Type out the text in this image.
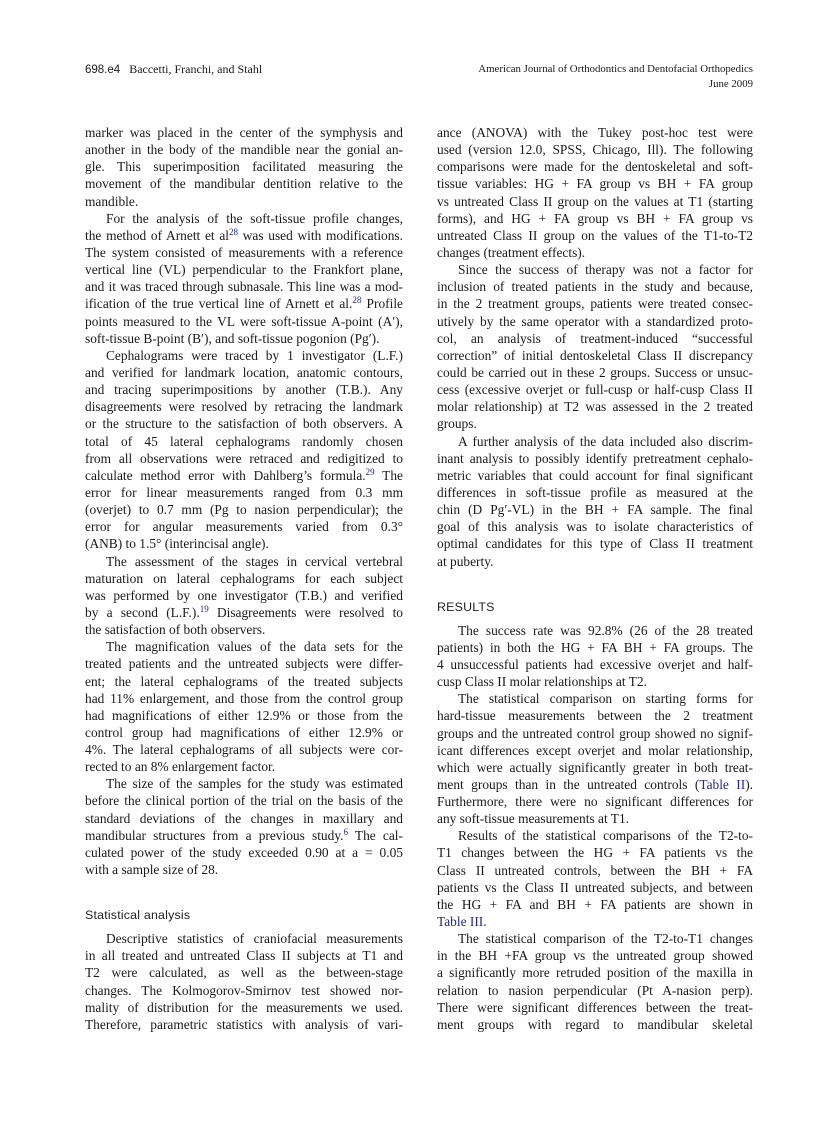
698.e4 Baccetti, Franchi, and Stahl	American Journal of Orthodontics and Dentofacial Orthopedics
June 2009
marker was placed in the center of the symphysis and
another in the body of the mandible near the gonial an-
gle. This superimposition facilitated measuring the
movement of the mandibular dentition relative to the
mandible.
For the analysis of the soft-tissue profile changes,
the method of Arnett et $al^{28}$ was used with modifications.
The system consisted of measurements with a reference
vertical line (VL) perpendicular to the Frankfort plane,
and it was traced through subnasale. This line was a mod-
ification of the true vertical line of Arnett et al.$^{28}$ Profile
points measured to the VL were soft-tissue A-point (A′),
soft-tissue B-point (B′), and soft-tissue pogonion (Pg′).
Cephalograms were traced by 1 investigator (L.F.)
and verified for landmark location, anatomic contours,
and tracing superimpositions by another (T.B.). Any
disagreements were resolved by retracing the landmark
or the structure to the satisfaction of both observers. A
total of 45 lateral cephalograms randomly chosen
from all observations were retraced and redigitized to
calculate method error with Dahlberg’s formula.$^{29}$ The
error for linear measurements ranged from 0.3 mm
(overjet) to 0.7 mm (Pg to nasion perpendicular); the
error for angular measurements varied from 0.3°
(ANB) to 1.5° (interincisal angle).
The assessment of the stages in cervical vertebral
maturation on lateral cephalograms for each subject
was performed by one investigator (T.B.) and verified
by a second (L.F.).$^{19}$ Disagreements were resolved to
the satisfaction of both observers.
The magnification values of the data sets for the
treated patients and the untreated subjects were differ-
ent; the lateral cephalograms of the treated subjects
had 11% enlargement, and those from the control group
had magnifications of either 12.9% or those from the
control group had magnifications of either 12.9% or
4%. The lateral cephalograms of all subjects were cor-
rected to an 8% enlargement factor.
The size of the samples for the study was estimated
before the clinical portion of the trial on the basis of the
standard deviations of the changes in maxillary and
mandibular structures from a previous study.$^6$ The cal-
culated power of the study exceeded 0.90 at a = 0.05
with a sample size of 28.
Statistical analysis
Descriptive statistics of craniofacial measurements
in all treated and untreated Class II subjects at T1 and
T2 were calculated, as well as the between-stage
changes. The Kolmogorov-Smirnov test showed nor-
mality of distribution for the measurements we used.
Therefore, parametric statistics with analysis of vari-
ance (ANOVA) with the Tukey post-hoc test were
used (version 12.0, SPSS, Chicago, Ill). The following
comparisons were made for the dentoskeletal and soft-
tissue variables: HG + FA group vs BH + FA group
vs untreated Class II group on the values at T1 (starting
forms), and HG + FA group vs BH + FA group vs
untreated Class II group on the values of the T1-to-T2
changes (treatment effects).
Since the success of therapy was not a factor for
inclusion of treated patients in the study and because,
in the 2 treatment groups, patients were treated consec-
utively by the same operator with a standardized proto-
col, an analysis of treatment-induced “successful
correction” of initial dentoskeletal Class II discrepancy
could be carried out in these 2 groups. Success or unsuc-
cess (excessive overjet or full-cusp or half-cusp Class II
molar relationship) at T2 was assessed in the 2 treated
groups.
A further analysis of the data included also discrim-
inant analysis to possibly identify pretreatment cephalo-
metric variables that could account for final significant
differences in soft-tissue profile as measured at the
chin (D Pg′-VL) in the BH + FA sample. The final
goal of this analysis was to isolate characteristics of
optimal candidates for this type of Class II treatment
at puberty.
RESULTS
The success rate was 92.8% (26 of the 28 treated
patients) in both the HG + FA BH + FA groups. The
4 unsuccessful patients had excessive overjet and half-
cusp Class II molar relationships at T2.
The statistical comparison on starting forms for
hard-tissue measurements between the 2 treatment
groups and the untreated control group showed no signif-
icant differences except overjet and molar relationship,
which were actually significantly greater in both treat-
ment groups than in the untreated controls (Table II).
Furthermore, there were no significant differences for
any soft-tissue measurements at T1.
Results of the statistical comparisons of the T2-to-
T1 changes between the HG + FA patients vs the
Class II untreated controls, between the BH + FA
patients vs the Class II untreated subjects, and between
the HG + FA and BH + FA patients are shown in
Table III.
The statistical comparison of the T2-to-T1 changes
in the BH +FA group vs the untreated group showed
a significantly more retruded position of the maxilla in
relation to nasion perpendicular (Pt A-nasion perp).
There were significant differences between the treat-
ment groups with regard to mandibular skeletal
